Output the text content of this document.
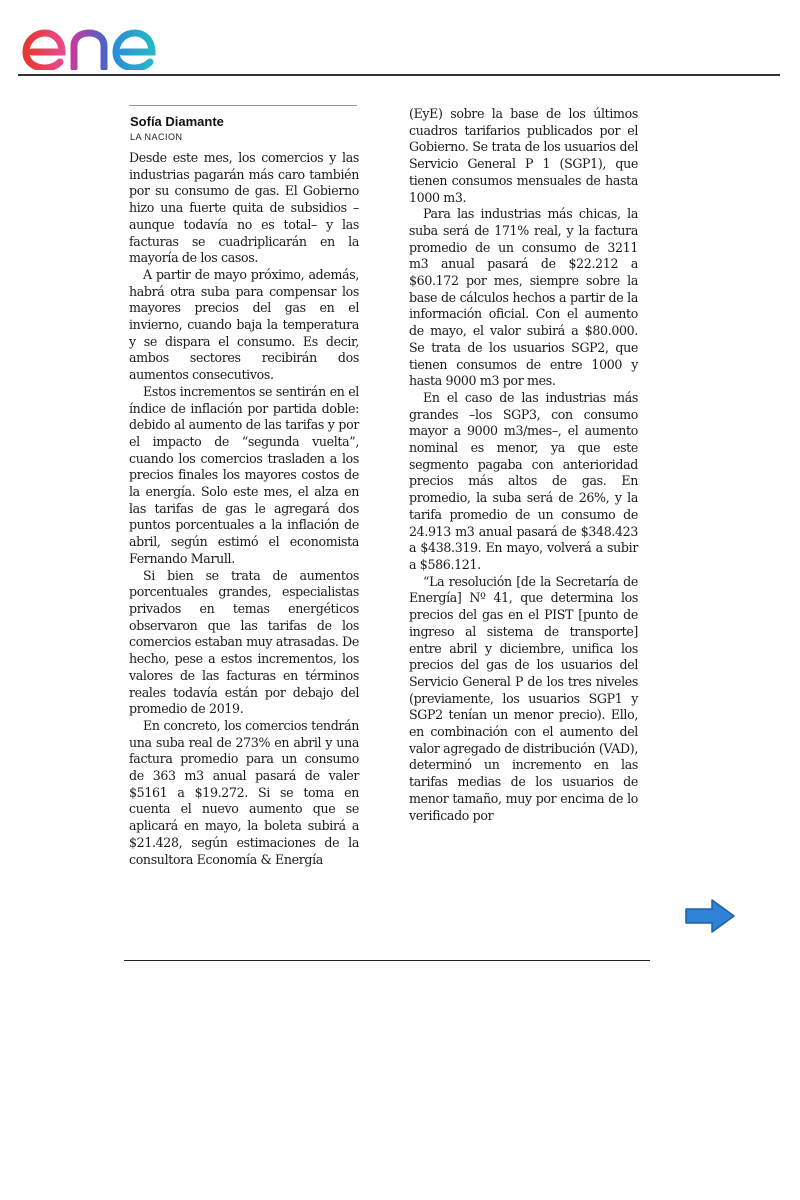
Sofía Diamante
LA NACION

Desde este mes, los comercios y las industrias pagarán más caro también por su consumo de gas. El Gobierno hizo una fuerte quita de subsidios –aunque todavía no es total– y las facturas se cuadriplicarán en la mayoría de los casos.

A partir de mayo próximo, además, habrá otra suba para compensar los mayores precios del gas en el invierno, cuando baja la temperatura y se dispara el consumo. Es decir, ambos sectores recibirán dos aumentos consecutivos.

Estos incrementos se sentirán en el índice de inflación por partida doble: debido al aumento de las tarifas y por el impacto de “segunda vuelta”, cuando los comercios trasladen a los precios finales los mayores costos de la energía. Solo este mes, el alza en las tarifas de gas le agregará dos puntos porcentuales a la inflación de abril, según estimó el economista Fernando Marull.

Si bien se trata de aumentos porcentuales grandes, especialistas privados en temas energéticos observaron que las tarifas de los comercios estaban muy atrasadas. De hecho, pese a estos incrementos, los valores de las facturas en términos reales todavía están por debajo del promedio de 2019.

En concreto, los comercios tendrán una suba real de 273% en abril y una factura promedio para un consumo de 363 m3 anual pasará de valer $5161 a $19.272. Si se toma en cuenta el nuevo aumento que se aplicará en mayo, la boleta subirá a $21.428, según estimaciones de la consultora Economía & Energía

(EyE) sobre la base de los últimos cuadros tarifarios publicados por el Gobierno. Se trata de los usuarios del Servicio General P 1 (SGP1), que tienen consumos mensuales de hasta 1000 m3.

Para las industrias más chicas, la suba será de 171% real, y la factura promedio de un consumo de 3211 m3 anual pasará de $22.212 a $60.172 por mes, siempre sobre la base de cálculos hechos a partir de la información oficial. Con el aumento de mayo, el valor subirá a $80.000. Se trata de los usuarios SGP2, que tienen consumos de entre 1000 y hasta 9000 m3 por mes.

En el caso de las industrias más grandes –los SGP3, con consumo mayor a 9000 m3/mes–, el aumento nominal es menor, ya que este segmento pagaba con anterioridad precios más altos de gas. En promedio, la suba será de 26%, y la tarifa promedio de un consumo de 24.913 m3 anual pasará de $348.423 a $438.319. En mayo, volverá a subir a $586.121.

“La resolución [de la Secretaría de Energía] Nº 41, que determina los precios del gas en el PIST [punto de ingreso al sistema de transporte] entre abril y diciembre, unifica los precios del gas de los usuarios del Servicio General P de los tres niveles (previamente, los usuarios SGP1 y SGP2 tenían un menor precio). Ello, en combinación con el aumento del valor agregado de distribución (VAD), determinó un incremento en las tarifas medias de los usuarios de menor tamaño, muy por encima de lo verificado por
